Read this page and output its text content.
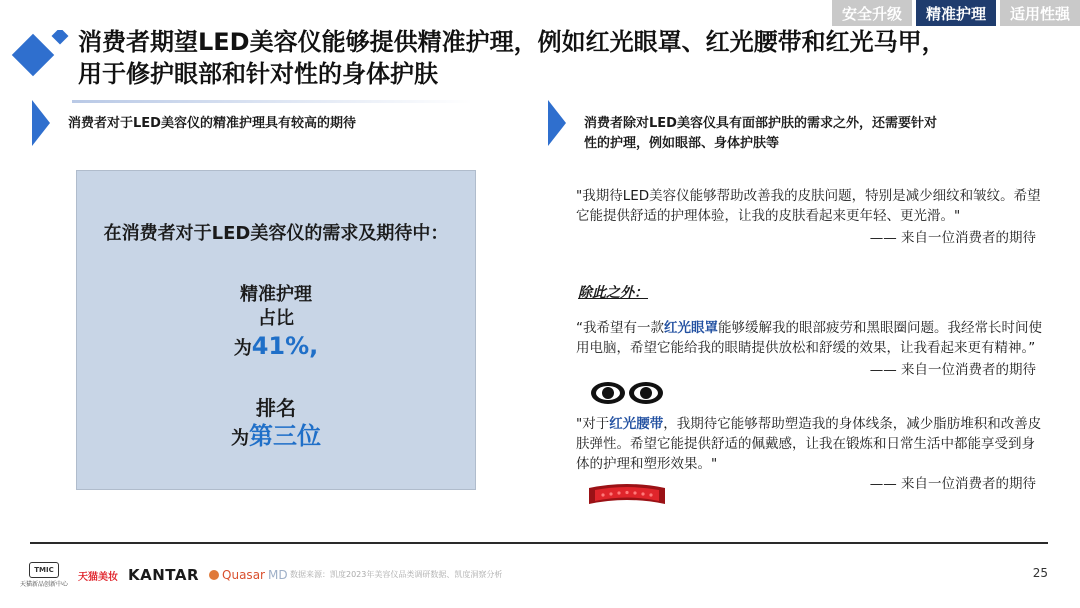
安全升级	精准护理	适用性强
消费者期望LED美容仪能够提供精准护理，例如红光眼罩、红光腰带和红光马甲，
用于修护眼部和针对性的身体护肤
消费者对于LED美容仪的精准护理具有较高的期待
在消费者对于LED美容仪的需求及期待中：
精准护理
占比
为41%,
排名
为第三位
消费者除对LED美容仪具有面部护肤的需求之外，还需要针对
性的护理，例如眼部、身体护肤等
"我期待LED美容仪能够帮助改善我的皮肤问题，特别是减少细纹和皱纹。希望它能提供舒适的护理体验，让我的皮肤看起来更年轻、更光滑。"
—— 来自一位消费者的期待
除此之外：
“我希望有一款红光眼罩能够缓解我的眼部疲劳和黑眼圈问题。我经常长时间使用电脑，希望它能给我的眼睛提供放松和舒缓的效果，让我看起来更有精神。”
—— 来自一位消费者的期待
"对于红光腰带，我期待它能够帮助塑造我的身体线条，减少脂肪堆积和改善皮肤弹性。希望它能提供舒适的佩戴感，让我在锻炼和日常生活中都能享受到身体的护理和塑形效果。"
—— 来自一位消费者的期待
TMIC
天猫新品创新中心
天猫美妆 KANTAR Quasar MD 数据来源：凯度2023年美容仪品类调研数据、凯度洞察分析	25
